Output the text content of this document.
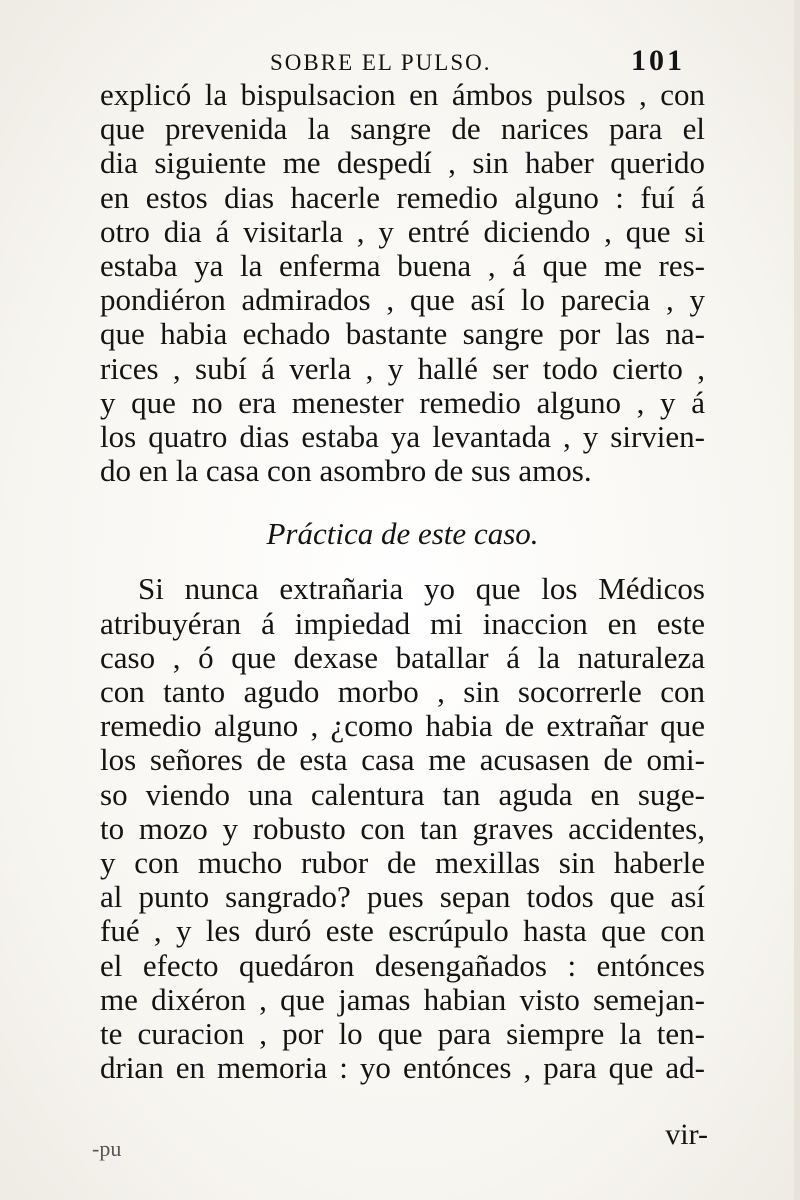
SOBRE EL PULSO.	101
explicó la bispulsacion en ámbos pulsos , con
que prevenida la sangre de narices para el
dia siguiente me despedí , sin haber querido
en estos dias hacerle remedio alguno : fuí á
otro dia á visitarla , y entré diciendo , que si
estaba ya la enferma buena , á que me res-
pondiéron admirados , que así lo parecia , y
que habia echado bastante sangre por las na-
rices , subí á verla , y hallé ser todo cierto ,
y que no era menester remedio alguno , y á
los quatro dias estaba ya levantada , y sirvien-
do en la casa con asombro de sus amos.
Práctica de este caso.
Si nunca extrañaria yo que los Médicos
atribuyéran á impiedad mi inaccion en este
caso , ó que dexase batallar á la naturaleza
con tanto agudo morbo , sin socorrerle con
remedio alguno , ¿como habia de extrañar que
los señores de esta casa me acusasen de omi-
so viendo una calentura tan aguda en suge-
to mozo y robusto con tan graves accidentes,
y con mucho rubor de mexillas sin haberle
al punto sangrado? pues sepan todos que así
fué , y les duró este escrúpulo hasta que con
el efecto quedáron desengañados : entónces
me dixéron , que jamas habian visto semejan-
te curacion , por lo que para siempre la ten-
drian en memoria : yo entónces , para que ad-
-pu	vir-
